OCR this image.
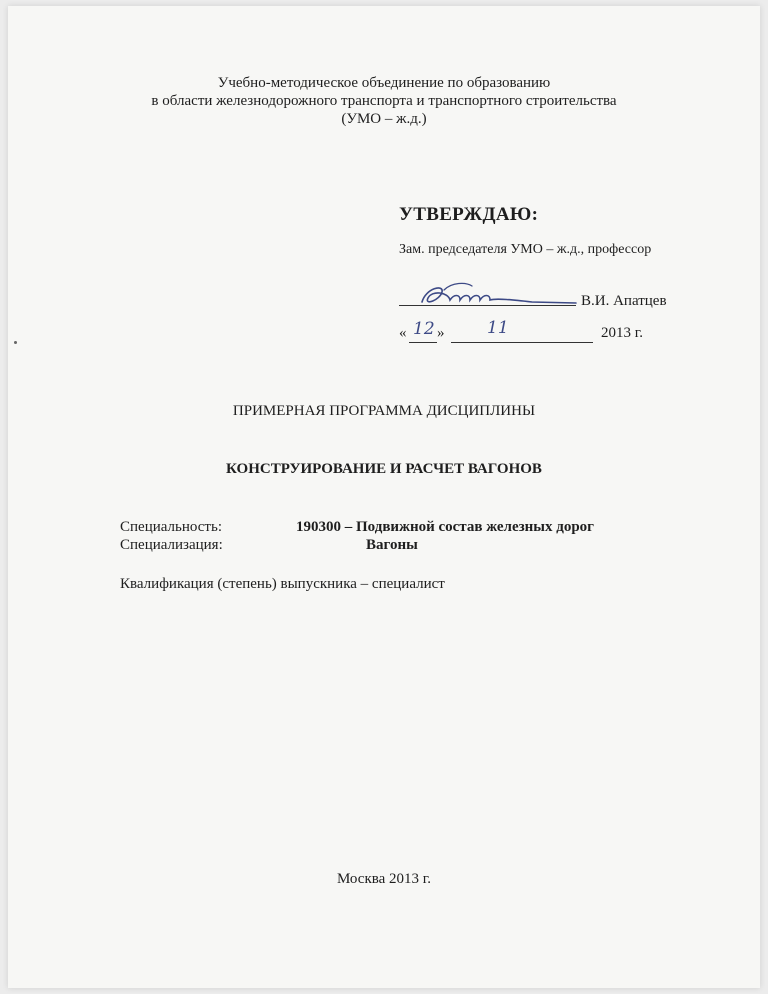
Учебно-методическое объединение по образованию
в области железнодорожного транспорта и транспортного строительства
(УМО – ж.д.)
УТВЕРЖДАЮ:
Зам. председателя УМО – ж.д., профессор
В.И. Апатцев
« 12 »	11	2013 г.
ПРИМЕРНАЯ ПРОГРАММА ДИСЦИПЛИНЫ
КОНСТРУИРОВАНИЕ И РАСЧЕТ ВАГОНОВ
Специальность:	190300 – Подвижной состав железных дорог
Специализация:	Вагоны
Квалификация (степень) выпускника – специалист
Москва 2013 г.
